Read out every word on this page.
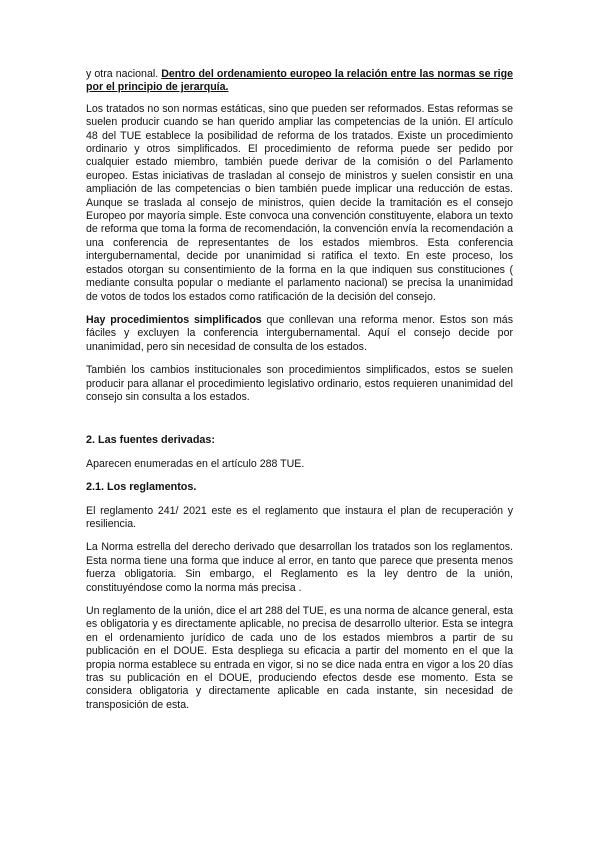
y otra nacional. Dentro del ordenamiento europeo la relación entre las normas se rige por el principio de jerarquía.

Los tratados no son normas estáticas, sino que pueden ser reformados. Estas reformas se suelen producir cuando se han querido ampliar las competencias de la unión. El artículo 48 del TUE establece la posibilidad de reforma de los tratados. Existe un procedimiento ordinario y otros simplificados. El procedimiento de reforma puede ser pedido por cualquier estado miembro, también puede derivar de la comisión o del Parlamento europeo. Estas iniciativas de trasladan al consejo de ministros y suelen consistir en una ampliación de las competencias o bien también puede implicar una reducción de estas. Aunque se traslada al consejo de ministros, quien decide la tramitación es el consejo Europeo por mayoría simple. Este convoca una convención constituyente, elabora un texto de reforma que toma la forma de recomendación, la convención envía la recomendación a una conferencia de representantes de los estados miembros. Esta conferencia intergubernamental, decide por unanimidad si ratifica el texto. En este proceso, los estados otorgan su consentimiento de la forma en la que indiquen sus constituciones ( mediante consulta popular o mediante el parlamento nacional) se precisa la unanimidad de votos de todos los estados como ratificación de la decisión del consejo.

Hay procedimientos simplificados que conllevan una reforma menor. Estos son más fáciles y excluyen la conferencia intergubernamental. Aquí el consejo decide por unanimidad, pero sin necesidad de consulta de los estados.

También los cambios institucionales son procedimientos simplificados, estos se suelen producir para allanar el procedimiento legislativo ordinario, estos requieren unanimidad del consejo sin consulta a los estados.

2. Las fuentes derivadas:

Aparecen enumeradas en el artículo 288 TUE.

2.1. Los reglamentos.

El reglamento 241/ 2021 este es el reglamento que instaura el plan de recuperación y resiliencia.

La Norma estrella del derecho derivado que desarrollan los tratados son los reglamentos. Esta norma tiene una forma que induce al error, en tanto que parece que presenta menos fuerza obligatoria. Sin embargo, el Reglamento es la ley dentro de la unión, constituyéndose como la norma más precisa .

Un reglamento de la unión, dice el art 288 del TUE, es una norma de alcance general, esta es obligatoria y es directamente aplicable, no precisa de desarrollo ulterior. Esta se integra en el ordenamiento jurídico de cada uno de los estados miembros a partir de su publicación en el DOUE. Esta despliega su eficacia a partir del momento en el que la propia norma establece su entrada en vigor, si no se dice nada entra en vigor a los 20 días tras su publicación en el DOUE, produciendo efectos desde ese momento. Esta se considera obligatoria y directamente aplicable en cada instante, sin necesidad de transposición de esta.
